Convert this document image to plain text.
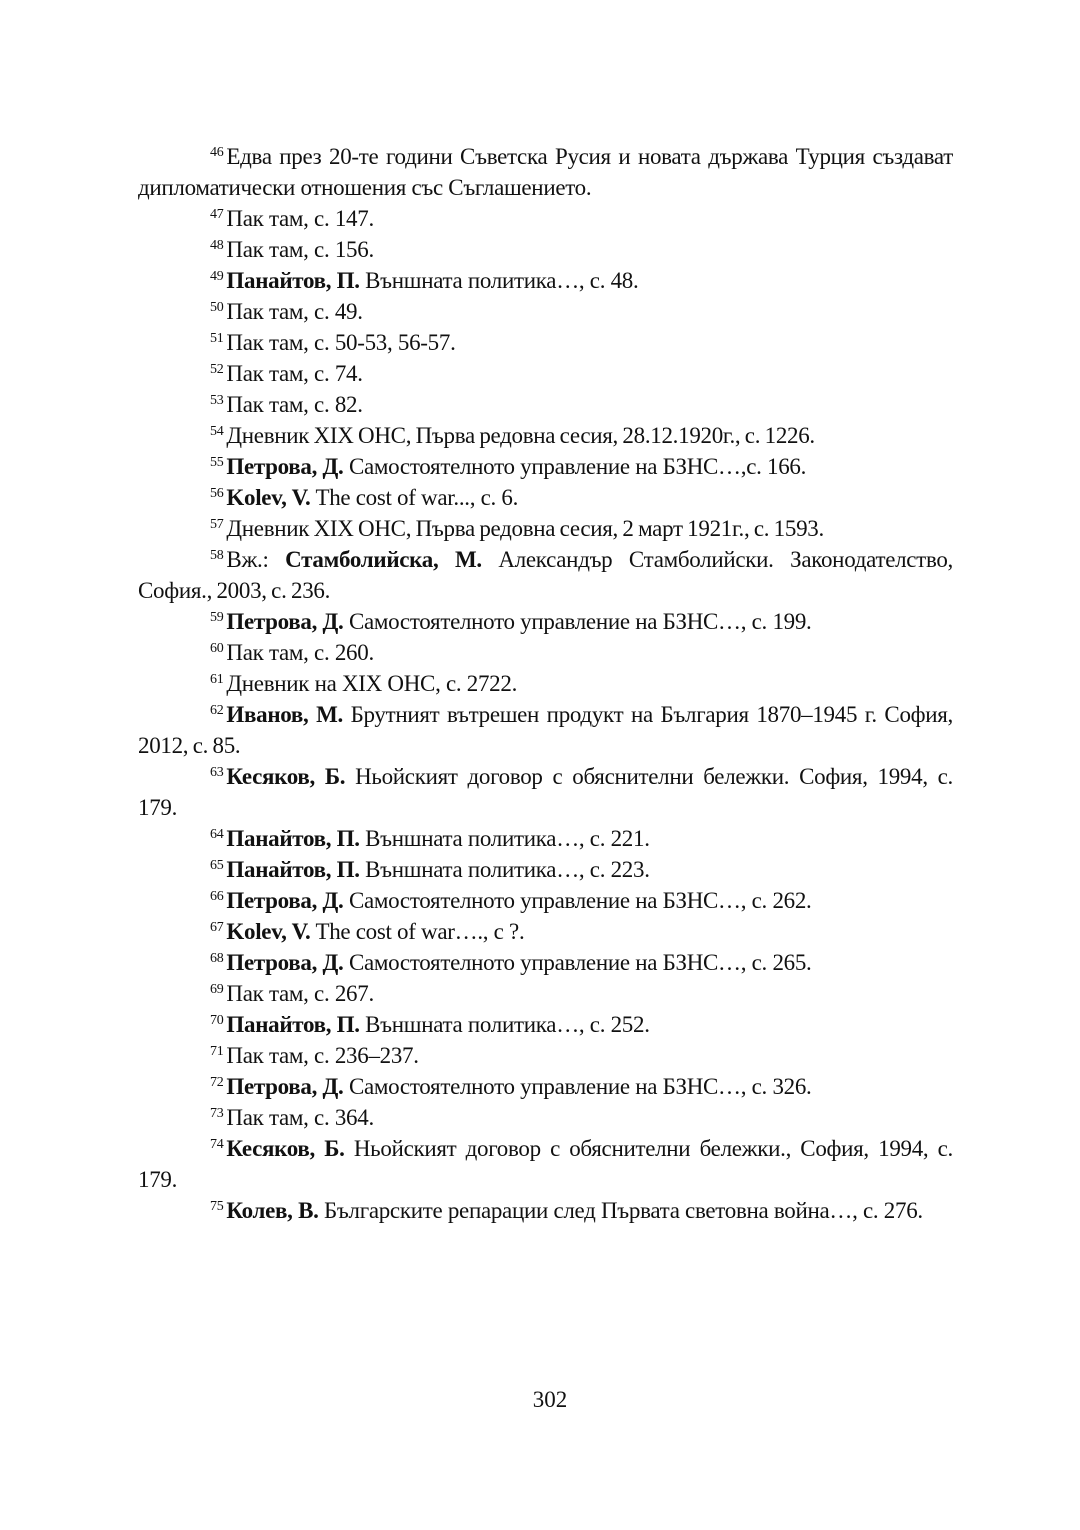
$^{46}$ Едва през 20-те години Съветска Русия и новата държава Турция създават дипломатически отношения със Съглашението.

$^{47}$ Пак там, с. 147.

$^{48}$ Пак там, с. 156.

$^{49}$ Панайтов, П. Външната политика…, с. 48.

$^{50}$ Пак там, с. 49.

$^{51}$ Пак там, с. 50-53, 56-57.

$^{52}$ Пак там, с. 74.

$^{53}$ Пак там, с. 82.

$^{54}$ Дневник XIX ОНС, Първа редовна сесия, 28.12.1920г., с. 1226.

$^{55}$ Петрова, Д. Самостоятелното управление на БЗНС…,с. 166.

$^{56}$ Kolev, V. The cost of war..., с. 6.

$^{57}$ Дневник XIX ОНС, Първа редовна сесия, 2 март 1921г., с. 1593.

$^{58}$ Вж.: Стамболийска, М. Александър Стамболийски. Законодателство, София., 2003, с. 236.

$^{59}$ Петрова, Д. Самостоятелното управление на БЗНС…, с. 199.

$^{60}$ Пак там, с. 260.

$^{61}$ Дневник на XIX ОНС, с. 2722.

$^{62}$ Иванов, М. Брутният вътрешен продукт на България 1870–1945 г. София, 2012, с. 85.

$^{63}$ Кесяков, Б. Ньойският договор с обяснителни бележки. София, 1994, с. 179.

$^{64}$ Панайтов, П. Външната политика…, с. 221.

$^{65}$ Панайтов, П. Външната политика…, с. 223.

$^{66}$ Петрова, Д. Самостоятелното управление на БЗНС…, с. 262.

$^{67}$ Kolev, V. The cost of war…., с ?.

$^{68}$ Петрова, Д. Самостоятелното управление на БЗНС…, с. 265.

$^{69}$ Пак там, с. 267.

$^{70}$ Панайтов, П. Външната политика…, с. 252.

$^{71}$ Пак там, с. 236–237.

$^{72}$ Петрова, Д. Самостоятелното управление на БЗНС…, с. 326.

$^{73}$ Пак там, с. 364.

$^{74}$ Кесяков, Б. Ньойският договор с обяснителни бележки., София, 1994, с. 179.

$^{75}$ Колев, В. Българските репарации след Първата световна война…, с. 276.

302
